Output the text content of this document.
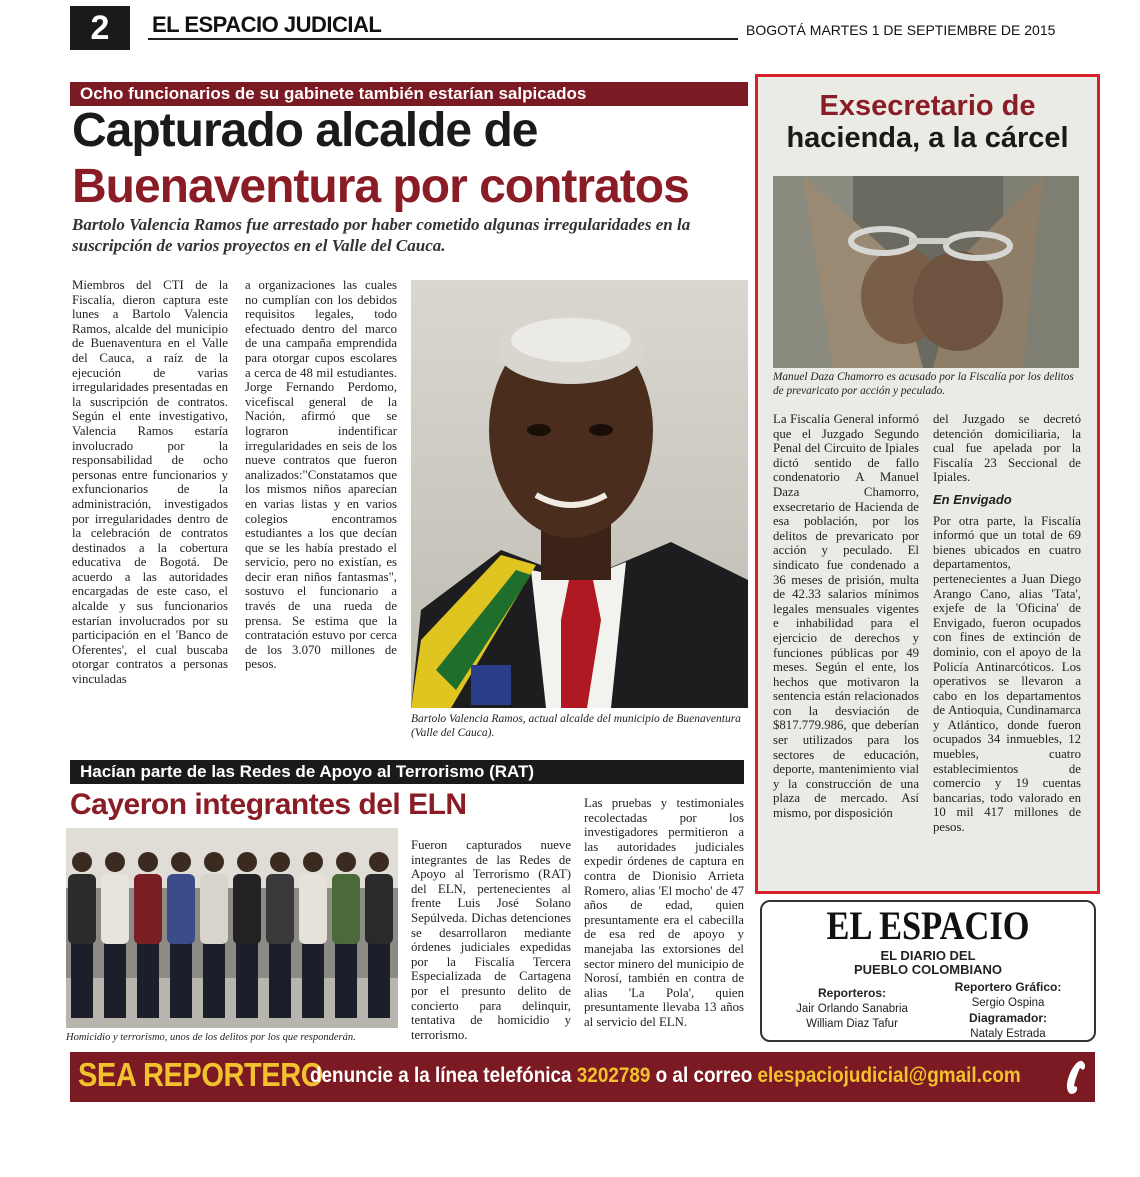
2	EL ESPACIO JUDICIAL	BOGOTÁ MARTES 1 DE SEPTIEMBRE DE 2015
Ocho funcionarios de su gabinete también estarían salpicados
Capturado alcalde de
Buenaventura por contratos
Bartolo Valencia Ramos fue arrestado por haber cometido algunas irregularidades en la suscripción de varios proyectos en el Valle del Cauca.
Miembros del CTI de la Fiscalía, dieron captura este lunes a Bartolo Valencia Ramos, alcalde del municipio de Buenaventura en el Valle del Cauca, a raíz de la ejecución de varias irregularidades presentadas en la suscripción de contratos. Según el ente investigativo, Valencia Ramos estaría involucrado por la responsabilidad de ocho personas entre funcionarios y exfuncionarios de la administración, investigados por irregularidades dentro de la celebración de contratos destinados a la cobertura educativa de Bogotá. De acuerdo a las autoridades encargadas de este caso, el alcalde y sus funcionarios estarían involucrados por su participación en el 'Banco de Oferentes', el cual buscaba otorgar contratos a personas vinculadas
a organizaciones las cuales no cumplían con los debidos requisitos legales, todo efectuado dentro del marco de una campaña emprendida para otorgar cupos escolares a cerca de 48 mil estudiantes. Jorge Fernando Perdomo, vicefiscal general de la Nación, afirmó que se lograron indentificar irregularidades en seis de los nueve contratos que fueron analizados:"Constatamos que los mismos niños aparecían en varias listas y en varios colegios encontramos estudiantes a los que decían que se les había prestado el servicio, pero no existían, es decir eran niños fantasmas", sostuvo el funcionario a través de una rueda de prensa. Se estima que la contratación estuvo por cerca de los 3.070 millones de pesos.
Bartolo Valencia Ramos, actual alcalde del municipio de Buenaventura (Valle del Cauca).
Hacían parte de las Redes de Apoyo al Terrorismo (RAT)
Cayeron integrantes del ELN
Homicidio y terrorismo, unos de los delitos por los que responderán.
Fueron capturados nueve integrantes de las Redes de Apoyo al Terrorismo (RAT) del ELN, pertenecientes al frente Luis José Solano Sepúlveda. Dichas detenciones se desarrollaron mediante órdenes judiciales expedidas por la Fiscalía Tercera Especializada de Cartagena por el presunto delito de concierto para delinquir, tentativa de homicidio y terrorismo.
Las pruebas y testimoniales recolectadas por los investigadores permitieron a las autoridades judiciales expedir órdenes de captura en contra de Dionisio Arrieta Romero, alias 'El mocho' de 47 años de edad, quien presuntamente era el cabecilla de esa red de apoyo y manejaba las extorsiones del sector minero del municipio de Norosí, también en contra de alias 'La Pola', quien presuntamente llevaba 13 años al servicio del ELN.
Exsecretario de
hacienda, a la cárcel
Manuel Daza Chamorro es acusado por la Fiscalía por los delitos de prevaricato por acción y peculado.
La Fiscalía General informó que el Juzgado Segundo Penal del Circuito de Ipiales dictó sentido de fallo condenatorio A Manuel Daza Chamorro, exsecretario de Hacienda de esa población, por los delitos de prevaricato por acción y peculado. El sindicato fue condenado a 36 meses de prisión, multa de 42.33 salarios mínimos legales mensuales vigentes e inhabilidad para el ejercicio de derechos y funciones públicas por 49 meses. Según el ente, los hechos que motivaron la sentencia están relacionados con la desviación de $817.779.986, que deberían ser utilizados para los sectores de educación, deporte, mantenimiento vial y la construcción de una plaza de mercado. Así mismo, por disposición
del Juzgado se decretó detención domiciliaria, la cual fue apelada por la Fiscalía 23 Seccional de Ipiales.
En Envigado
Por otra parte, la Fiscalía informó que un total de 69 bienes ubicados en cuatro departamentos, pertenecientes a Juan Diego Arango Cano, alias 'Tata', exjefe de la 'Oficina' de Envigado, fueron ocupados con fines de extinción de dominio, con el apoyo de la Policía Antinarcóticos. Los operativos se llevaron a cabo en los departamentos de Antioquia, Cundinamarca y Atlántico, donde fueron ocupados 34 inmuebles, 12 muebles, cuatro establecimientos de comercio y 19 cuentas bancarias, todo valorado en 10 mil 417 millones de pesos.
EL ESPACIO
EL DIARIO DEL
PUEBLO COLOMBIANO
Reporteros:
Jair Orlando Sanabria
William Diaz Tafur
Reportero Gráfico:
Sergio Ospina
Diagramador:
Nataly Estrada
SEA REPORTERO
denuncie a la línea telefónica 3202789 o al correo elespaciojudicial@gmail.com
